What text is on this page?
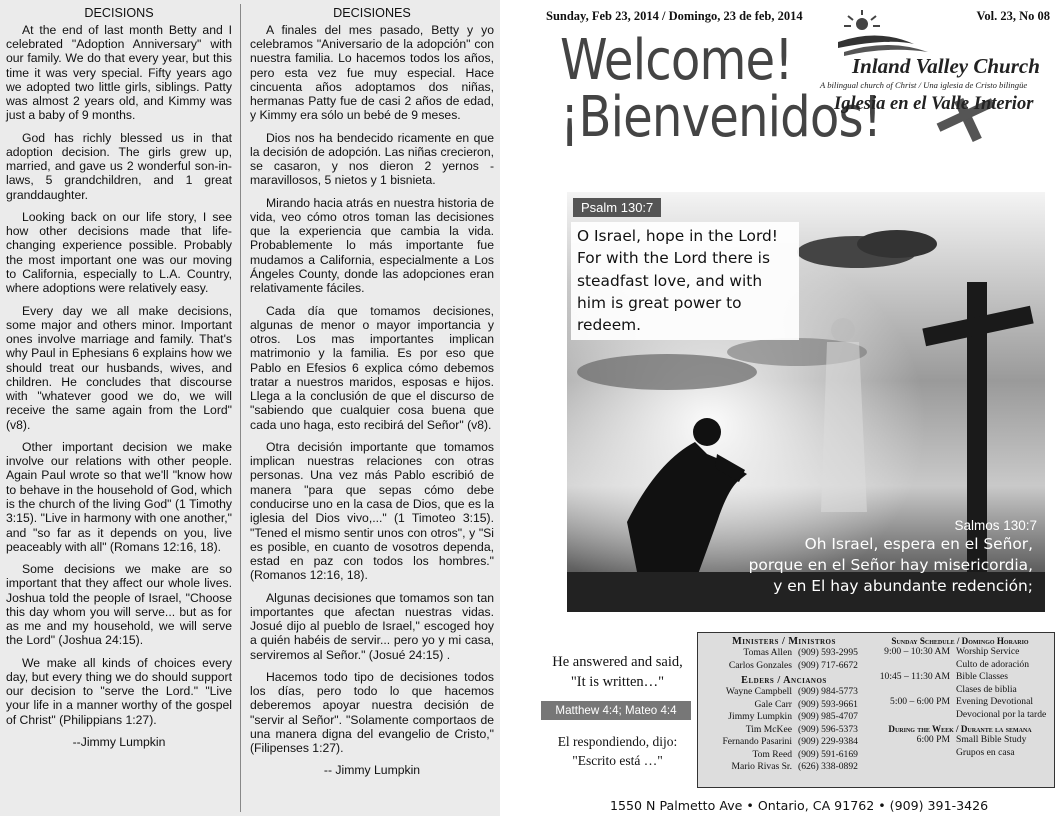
DECISIONS

At the end of last month Betty and I celebrated "Adoption Anniversary" with our family. We do that every year, but this time it was very special. Fifty years ago we adopted two little girls, siblings. Patty was almost 2 years old, and Kimmy was just a baby of 9 months.

God has richly blessed us in that adoption decision. The girls grew up, married, and gave us 2 wonderful son-in-laws, 5 grandchildren, and 1 great granddaughter.

Looking back on our life story, I see how other decisions made that life-changing experience possible. Probably the most important one was our moving to California, especially to L.A. Country, where adoptions were relatively easy.

Every day we all make decisions, some major and others minor. Important ones involve marriage and family. That's why Paul in Ephesians 6 explains how we should treat our husbands, wives, and children. He concludes that discourse with "whatever good we do, we will receive the same again from the Lord" (v8).

Other important decision we make involve our relations with other people. Again Paul wrote so that we'll "know how to behave in the household of God, which is the church of the living God" (1 Timothy 3:15). "Live in harmony with one another," and "so far as it depends on you, live peaceably with all" (Romans 12:16, 18).

Some decisions we make are so important that they affect our whole lives. Joshua told the people of Israel, "Choose this day whom you will serve... but as for as me and my household, we will serve the Lord" (Joshua 24:15).

We make all kinds of choices every day, but every thing we do should support our decision to "serve the Lord." "Live your life in a manner worthy of the gospel of Christ" (Philippians 1:27).

--Jimmy Lumpkin

DECISIONES

A finales del mes pasado, Betty y yo celebramos "Aniversario de la adopción" con nuestra familia. Lo hacemos todos los años, pero esta vez fue muy especial. Hace cincuenta años adoptamos dos niñas, hermanas Patty fue de casi 2 años de edad, y Kimmy era sólo un bebé de 9 meses.

Dios nos ha bendecido ricamente en que la decisión de adopción. Las niñas crecieron, se casaron, y nos dieron 2 yernos - maravillosos, 5 nietos y 1 bisnieta.

Mirando hacia atrás en nuestra historia de vida, veo cómo otros toman las decisiones que la experiencia que cambia la vida. Probablemente lo más importante fue mudamos a California, especialmente a Los Ángeles County, donde las adopciones eran relativamente fáciles.

Cada día que tomamos decisiones, algunas de menor o mayor importancia y otros. Los mas importantes implican matrimonio y la familia. Es por eso que Pablo en Efesios 6 explica cómo debemos tratar a nuestros maridos, esposas e hijos. Llega a la conclusión de que el discurso de "sabiendo que cualquier cosa buena que cada uno haga, esto recibirá del Señor" (v8).

Otra decisión importante que tomamos implican nuestras relaciones con otras personas. Una vez más Pablo escribió de manera "para que sepas cómo debe conducirse uno en la casa de Dios, que es la iglesia del Dios vivo,..." (1 Timoteo 3:15). "Tened el mismo sentir unos con otros", y "Si es posible, en cuanto de vosotros dependa, estad en paz con todos los hombres." (Romanos 12:16, 18).

Algunas decisiones que tomamos son tan importantes que afectan nuestras vidas. Josué dijo al pueblo de Israel," escoged hoy a quién habéis de servir... pero yo y mi casa, serviremos al Señor." (Josué 24:15) .

Hacemos todo tipo de decisiones todos los días, pero todo lo que hacemos deberemos apoyar nuestra decisión de "servir al Señor". "Solamente comportaos de una manera digna del evangelio de Cristo," (Filipenses 1:27).

-- Jimmy Lumpkin

Sunday, Feb 23, 2014 / Domingo, 23 de feb, 2014	Vol. 23, No 08
Welcome!
¡Bienvenidos!
Inland Valley Church
A bilingual church of Christ / Una iglesia de Cristo bilingüe
Iglesia en el Valle Interior
Psalm 130:7
O Israel, hope in the Lord! For with the Lord there is steadfast love, and with him is great power to redeem.
Salmos 130:7
Oh Israel, espera en el Señor,
porque en el Señor hay misericordia,
y en El hay abundante redención;
He answered and said,
"It is written…"
Matthew 4:4; Mateo 4:4
El respondiendo, dijo:
"Escrito está …"
Ministers / Ministros
Tomas Allen (909) 593-2995
Carlos Gonzales (909) 717-6672
Elders / Ancianos
Wayne Campbell (909) 984-5773
Gale Carr (909) 593-9661
Jimmy Lumpkin (909) 985-4707
Tim McKee (909) 596-5373
Fernando Pasarini (909) 229-9384
Tom Reed (909) 591-6169
Mario Rivas Sr. (626) 338-0892
Sunday Schedule / Domingo Horario
9:00 – 10:30 AM Worship Service
Culto de adoración
10:45 – 11:30 AM Bible Classes
Clases de biblia
5:00 – 6:00 PM Evening Devotional
Devocional por la tarde
During the Week / Durante la semana
6:00 PM Small Bible Study
Grupos en casa
1550 N Palmetto Ave • Ontario, CA 91762 • (909) 391-3426
